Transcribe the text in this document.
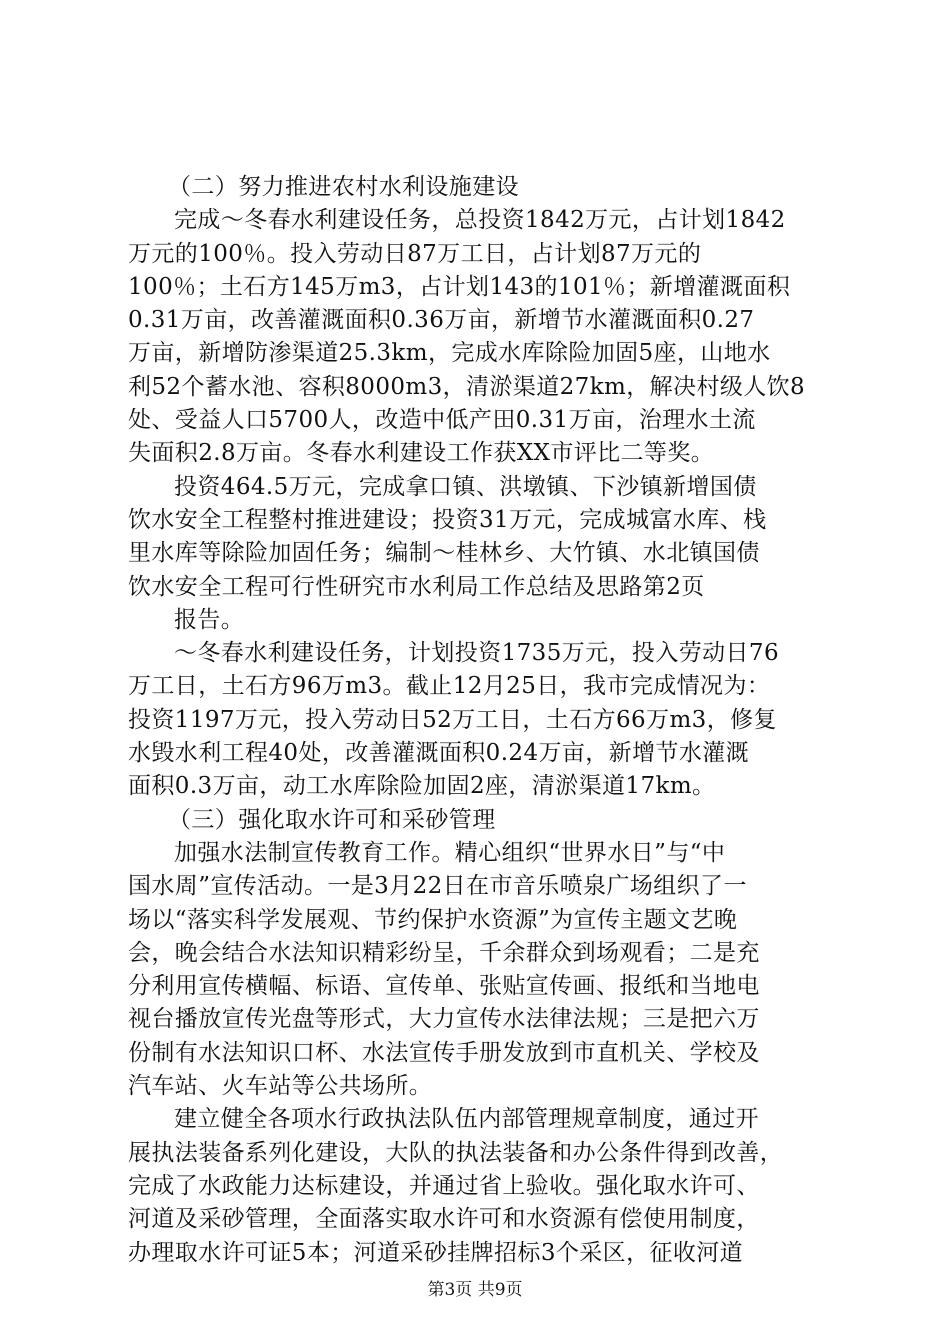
（二）努力推进农村水利设施建设
完成～冬春水利建设任务，总投资1842万元，占计划1842
万元的100％。投入劳动日87万工日，占计划87万元的
100％；土石方145万m3，占计划143的101％；新增灌溉面积
0.31万亩，改善灌溉面积0.36万亩，新增节水灌溉面积0.27
万亩，新增防渗渠道25.3km，完成水库除险加固5座，山地水
利52个蓄水池、容积8000m3，清淤渠道27km，解决村级人饮8
处、受益人口5700人，改造中低产田0.31万亩，治理水土流
失面积2.8万亩。冬春水利建设工作获XX市评比二等奖。
投资464.5万元，完成拿口镇、洪墩镇、下沙镇新增国债
饮水安全工程整村推进建设；投资31万元，完成城富水库、栈
里水库等除险加固任务；编制～桂林乡、大竹镇、水北镇国债
饮水安全工程可行性研究市水利局工作总结及思路第2页
报告。
～冬春水利建设任务，计划投资1735万元，投入劳动日76
万工日，土石方96万m3。截止12月25日，我市完成情况为：
投资1197万元，投入劳动日52万工日，土石方66万m3，修复
水毁水利工程40处，改善灌溉面积0.24万亩，新增节水灌溉
面积0.3万亩，动工水库除险加固2座，清淤渠道17km。
（三）强化取水许可和采砂管理
加强水法制宣传教育工作。精心组织“世界水日”与“中
国水周”宣传活动。一是3月22日在市音乐喷泉广场组织了一
场以“落实科学发展观、节约保护水资源”为宣传主题文艺晚
会，晚会结合水法知识精彩纷呈，千余群众到场观看；二是充
分利用宣传横幅、标语、宣传单、张贴宣传画、报纸和当地电
视台播放宣传光盘等形式，大力宣传水法律法规；三是把六万
份制有水法知识口杯、水法宣传手册发放到市直机关、学校及
汽车站、火车站等公共场所。
建立健全各项水行政执法队伍内部管理规章制度，通过开
展执法装备系列化建设，大队的执法装备和办公条件得到改善，
完成了水政能力达标建设，并通过省上验收。强化取水许可、
河道及采砂管理，全面落实取水许可和水资源有偿使用制度，
办理取水许可证5本；河道采砂挂牌招标3个采区，征收河道
第3页 共9页
